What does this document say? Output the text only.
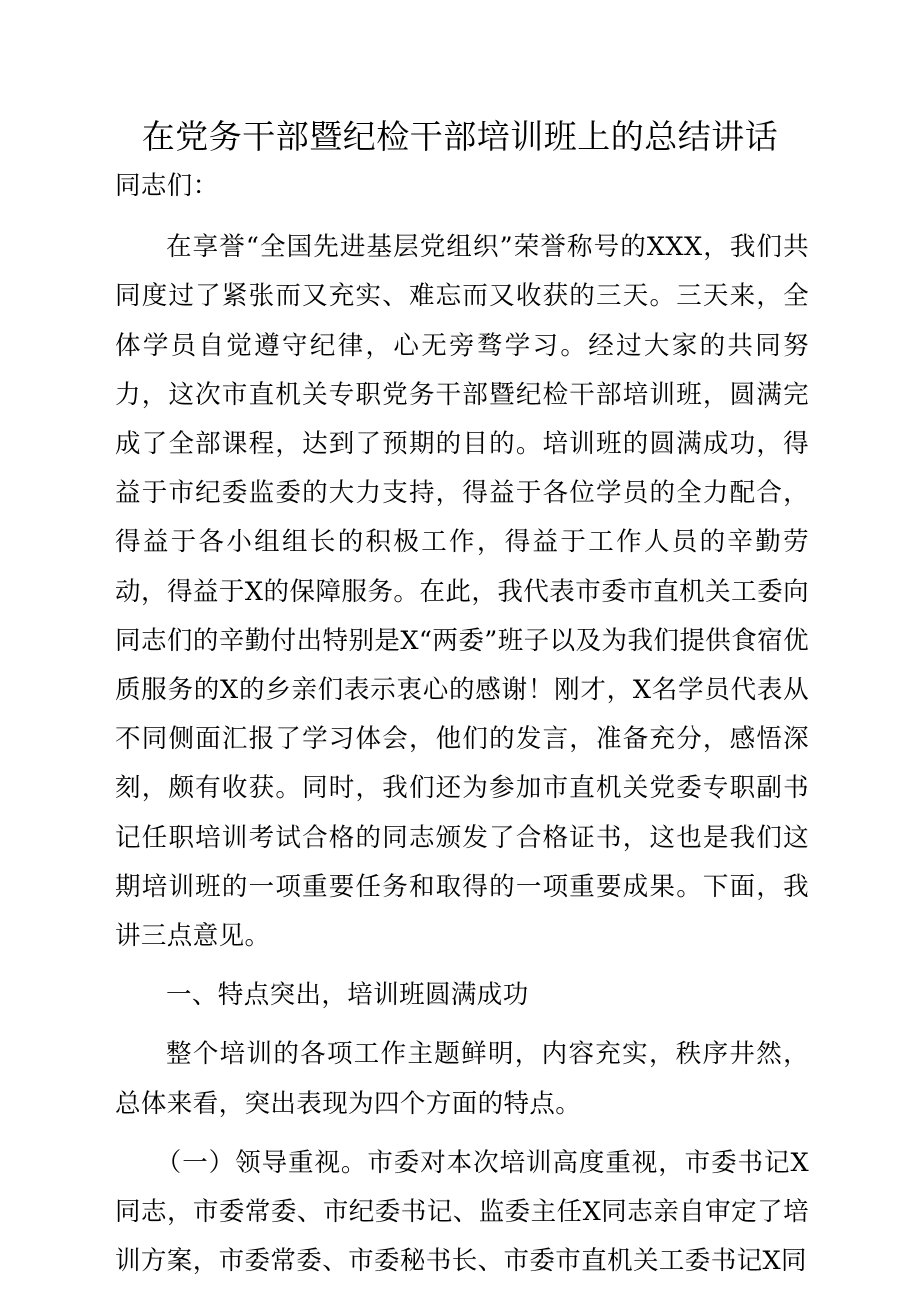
在党务干部暨纪检干部培训班上的总结讲话

同志们：

在享誉“全国先进基层党组织”荣誉称号的XXX，我们共同度过了紧张而又充实、难忘而又收获的三天。三天来，全体学员自觉遵守纪律，心无旁骛学习。经过大家的共同努力，这次市直机关专职党务干部暨纪检干部培训班，圆满完成了全部课程，达到了预期的目的。培训班的圆满成功，得益于市纪委监委的大力支持，得益于各位学员的全力配合，得益于各小组组长的积极工作，得益于工作人员的辛勤劳动，得益于X的保障服务。在此，我代表市委市直机关工委向同志们的辛勤付出特别是X“两委”班子以及为我们提供食宿优质服务的X的乡亲们表示衷心的感谢！刚才，X名学员代表从不同侧面汇报了学习体会，他们的发言，准备充分，感悟深刻，颇有收获。同时，我们还为参加市直机关党委专职副书记任职培训考试合格的同志颁发了合格证书，这也是我们这期培训班的一项重要任务和取得的一项重要成果。下面，我讲三点意见。

一、特点突出，培训班圆满成功

整个培训的各项工作主题鲜明，内容充实，秩序井然，总体来看，突出表现为四个方面的特点。

（一）领导重视。市委对本次培训高度重视，市委书记X同志，市委常委、市纪委书记、监委主任X同志亲自审定了培训方案，市委常委、市委秘书长、市委市直机关工委书记X同
